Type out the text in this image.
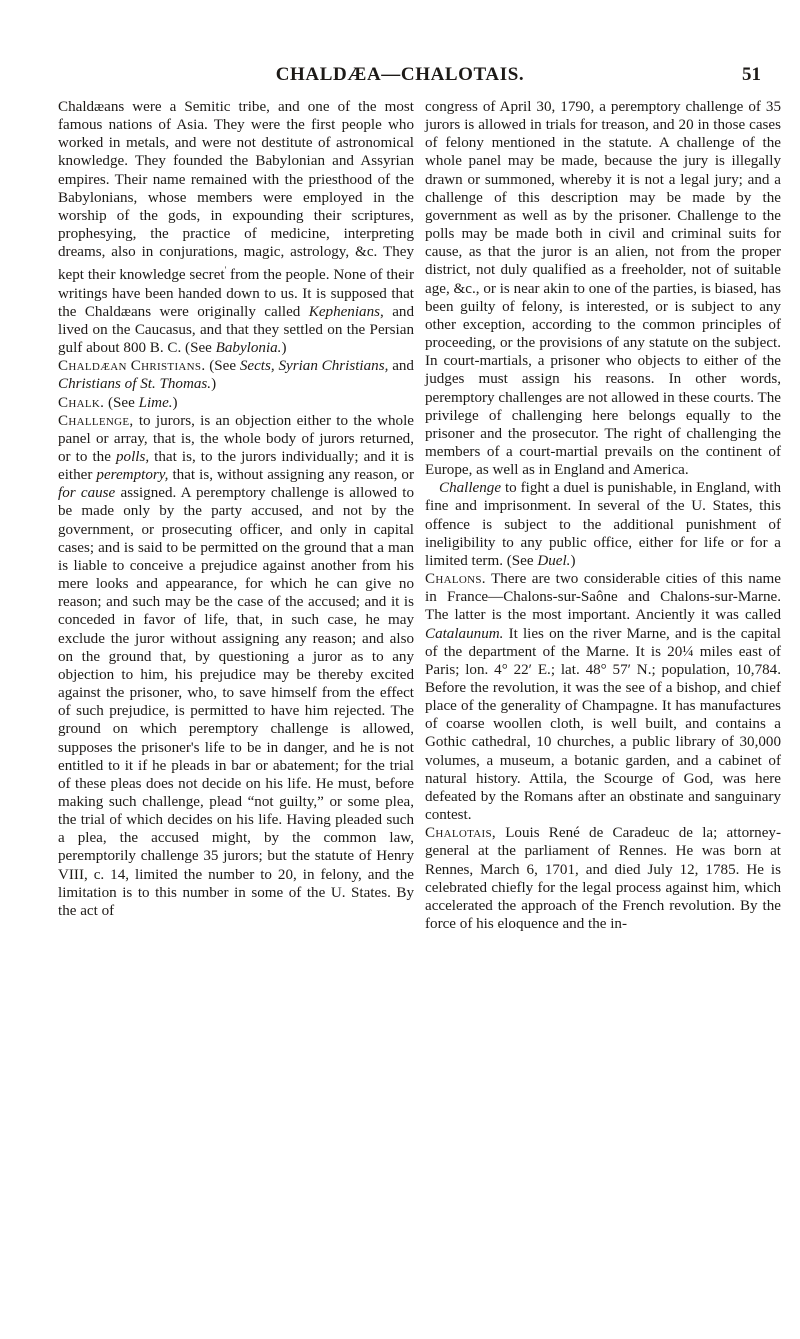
CHALDÆA—CHALOTAIS.	51

Chaldæans were a Semitic tribe, and one of the most famous nations of Asia. They were the first people who worked in metals, and were not destitute of astronomical knowledge. They founded the Babylonian and Assyrian empires. Their name remained with the priesthood of the Babylonians, whose members were employed in the worship of the gods, in expounding their scriptures, prophesying, the practice of medicine, interpreting dreams, also in conjurations, magic, astrology, &c. They kept their knowledge secret' from the people. None of their writings have been handed down to us. It is supposed that the Chaldæans were originally called Kephenians, and lived on the Caucasus, and that they settled on the Persian gulf about 800 B. C. (See Babylonia.)

Chaldæan Christians. (See Sects, Syrian Christians, and Christians of St. Thomas.)

Chalk. (See Lime.)

Challenge, to jurors, is an objection either to the whole panel or array, that is, the whole body of jurors returned, or to the polls, that is, to the jurors individually; and it is either peremptory, that is, without assigning any reason, or for cause assigned. A peremptory challenge is allowed to be made only by the party accused, and not by the government, or prosecuting officer, and only in capital cases; and is said to be permitted on the ground that a man is liable to conceive a prejudice against another from his mere looks and appearance, for which he can give no reason; and such may be the case of the accused; and it is conceded in favor of life, that, in such case, he may exclude the juror without assigning any reason; and also on the ground that, by questioning a juror as to any objection to him, his prejudice may be thereby excited against the prisoner, who, to save himself from the effect of such prejudice, is permitted to have him rejected. The ground on which peremptory challenge is allowed, supposes the prisoner's life to be in danger, and he is not entitled to it if he pleads in bar or abatement; for the trial of these pleas does not decide on his life. He must, before making such challenge, plead “not guilty,” or some plea, the trial of which decides on his life. Having pleaded such a plea, the accused might, by the common law, peremptorily challenge 35 jurors; but the statute of Henry VIII, c. 14, limited the number to 20, in felony, and the limitation is to this number in some of the U. States. By the act of

congress of April 30, 1790, a peremptory challenge of 35 jurors is allowed in trials for treason, and 20 in those cases of felony mentioned in the statute. A challenge of the whole panel may be made, because the jury is illegally drawn or summoned, whereby it is not a legal jury; and a challenge of this description may be made by the government as well as by the prisoner. Challenge to the polls may be made both in civil and criminal suits for cause, as that the juror is an alien, not from the proper district, not duly qualified as a freeholder, not of suitable age, &c., or is near akin to one of the parties, is biased, has been guilty of felony, is interested, or is subject to any other exception, according to the common principles of proceeding, or the provisions of any statute on the subject. In court-martials, a prisoner who objects to either of the judges must assign his reasons. In other words, peremptory challenges are not allowed in these courts. The privilege of challenging here belongs equally to the prisoner and the prosecutor. The right of challenging the members of a court-martial prevails on the continent of Europe, as well as in England and America.

Challenge to fight a duel is punishable, in England, with fine and imprisonment. In several of the U. States, this offence is subject to the additional punishment of ineligibility to any public office, either for life or for a limited term. (See Duel.)

Chalons. There are two considerable cities of this name in France—Chalons-sur-Saône and Chalons-sur-Marne. The latter is the most important. Anciently it was called Catalaunum. It lies on the river Marne, and is the capital of the department of the Marne. It is 20¼ miles east of Paris; lon. 4° 22′ E.; lat. 48° 57′ N.; population, 10,784. Before the revolution, it was the see of a bishop, and chief place of the generality of Champagne. It has manufactures of coarse woollen cloth, is well built, and contains a Gothic cathedral, 10 churches, a public library of 30,000 volumes, a museum, a botanic garden, and a cabinet of natural history. Attila, the Scourge of God, was here defeated by the Romans after an obstinate and sanguinary contest.

Chalotais, Louis René de Caradeuc de la; attorney-general at the parliament of Rennes. He was born at Rennes, March 6, 1701, and died July 12, 1785. He is celebrated chiefly for the legal process against him, which accelerated the approach of the French revolution. By the force of his eloquence and the in-
